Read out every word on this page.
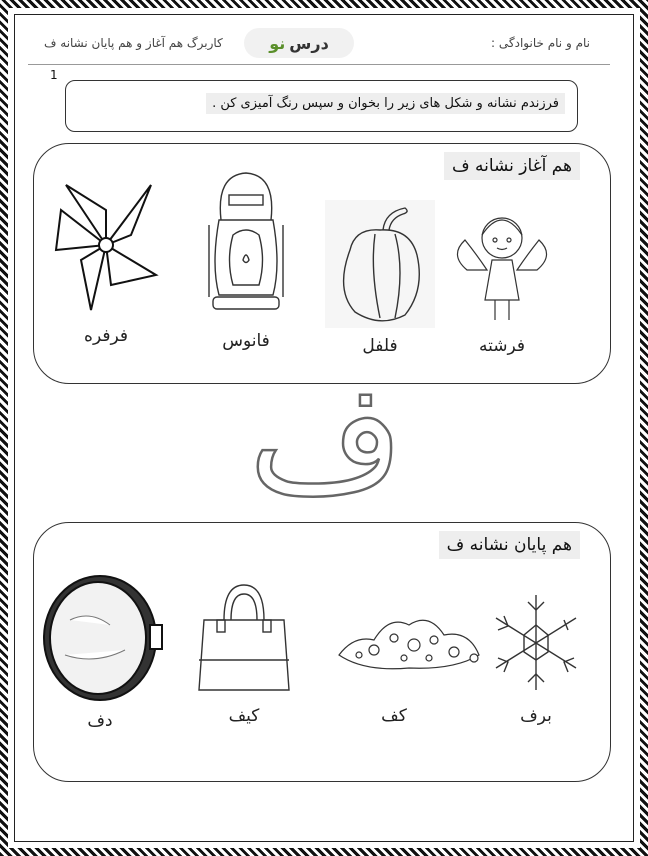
کاربرگ هم آغاز و هم پایان نشانه ف	درس
نو	نام و نام خانوادگی :
1
فرزندم نشانه و شکل های زیر را بخوان و سپس رنگ آمیزی کن .
هم آغاز نشانه ف
فرشته
فلفل
فانوس
فرفره
ف
هم پایان نشانه ف
برف
کف
کیف
دف
